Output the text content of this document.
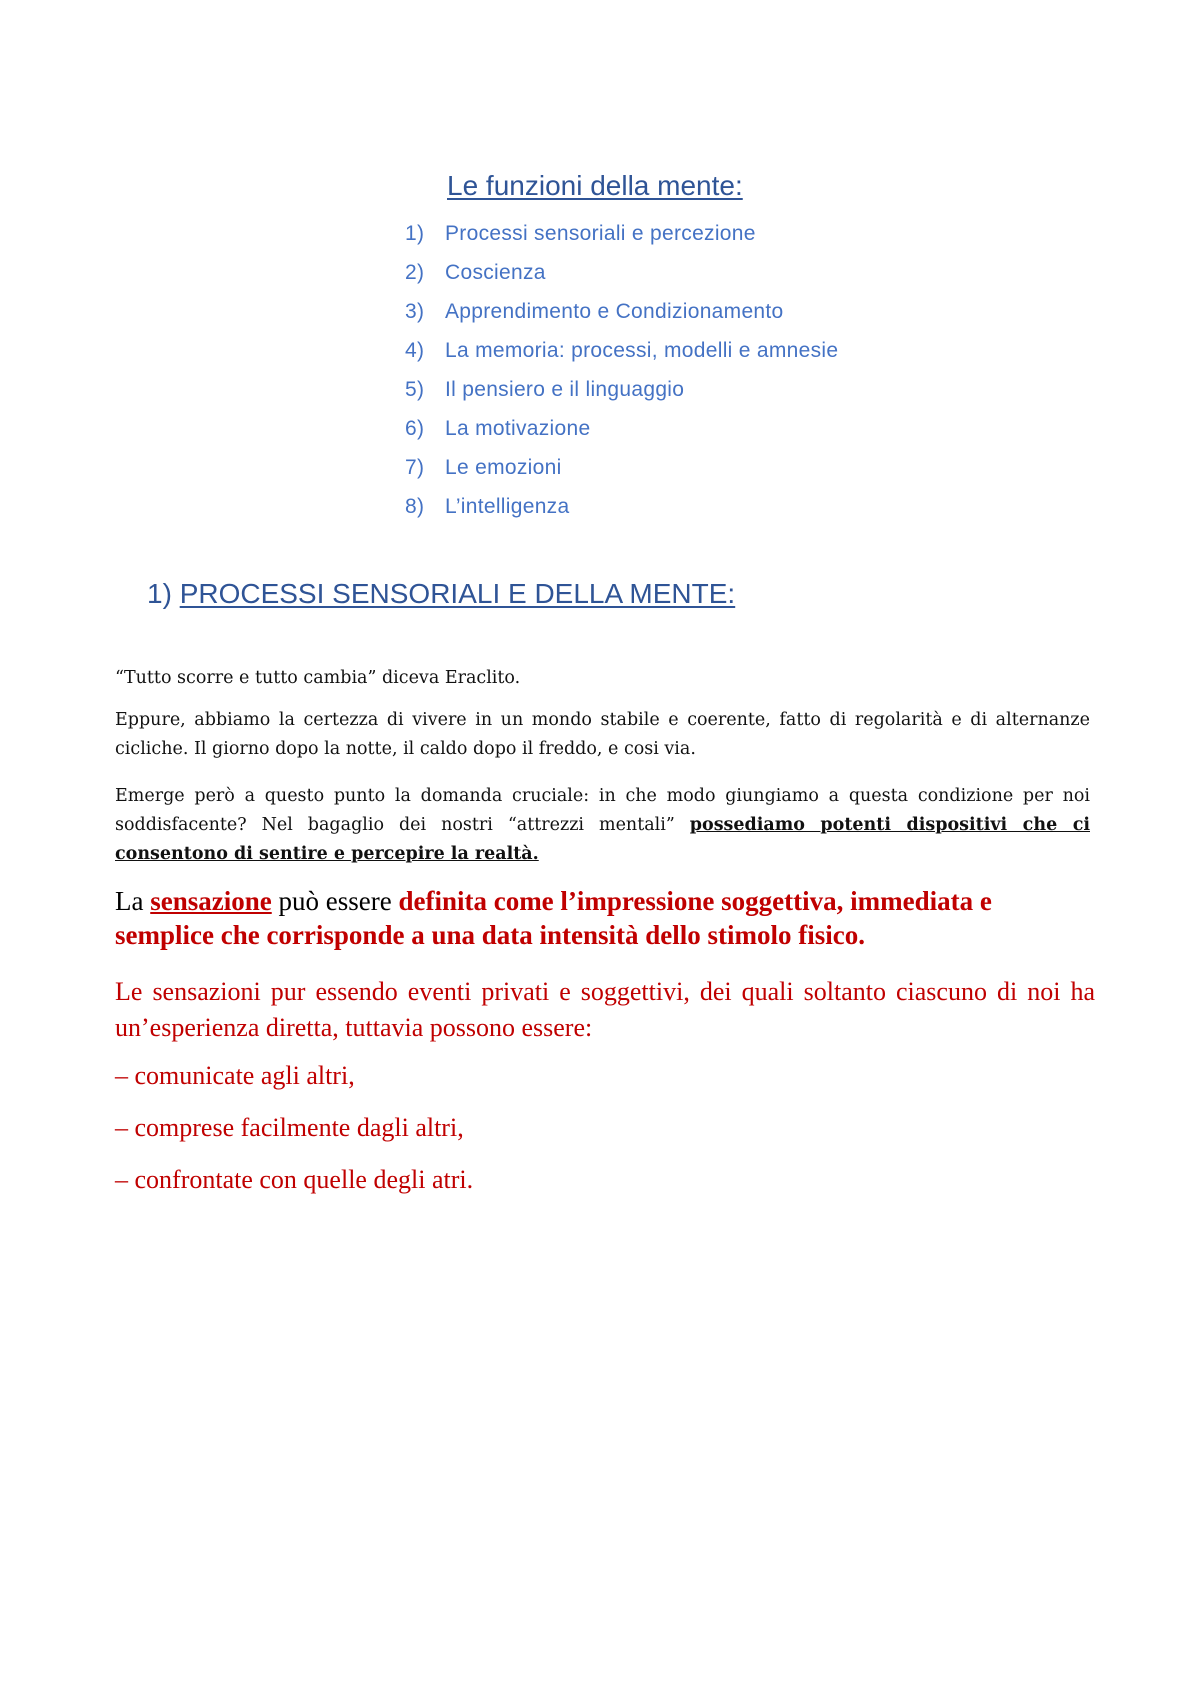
Le funzioni della mente:
1) Processi sensoriali e percezione
2) Coscienza
3) Apprendimento e Condizionamento
4) La memoria: processi, modelli e amnesie
5) Il pensiero e il linguaggio
6) La motivazione
7) Le emozioni
8) L’intelligenza
1) PROCESSI SENSORIALI E DELLA MENTE:

“Tutto scorre e tutto cambia” diceva Eraclito.

Eppure, abbiamo la certezza di vivere in un mondo stabile e coerente, fatto di regolarità e di alternanze cicliche. Il giorno dopo la notte, il caldo dopo il freddo, e cosi via.

Emerge però a questo punto la domanda cruciale: in che modo giungiamo a questa condizione per noi soddisfacente? Nel bagaglio dei nostri “attrezzi mentali” possediamo potenti dispositivi che ci consentono di sentire e percepire la realtà.

La sensazione può essere definita come l’impressione soggettiva, immediata e semplice che corrisponde a una data intensità dello stimolo fisico.

Le sensazioni pur essendo eventi privati e soggettivi, dei quali soltanto ciascuno di noi ha un’esperienza diretta, tuttavia possono essere:

– comunicate agli altri,

– comprese facilmente dagli altri,

– confrontate con quelle degli atri.
